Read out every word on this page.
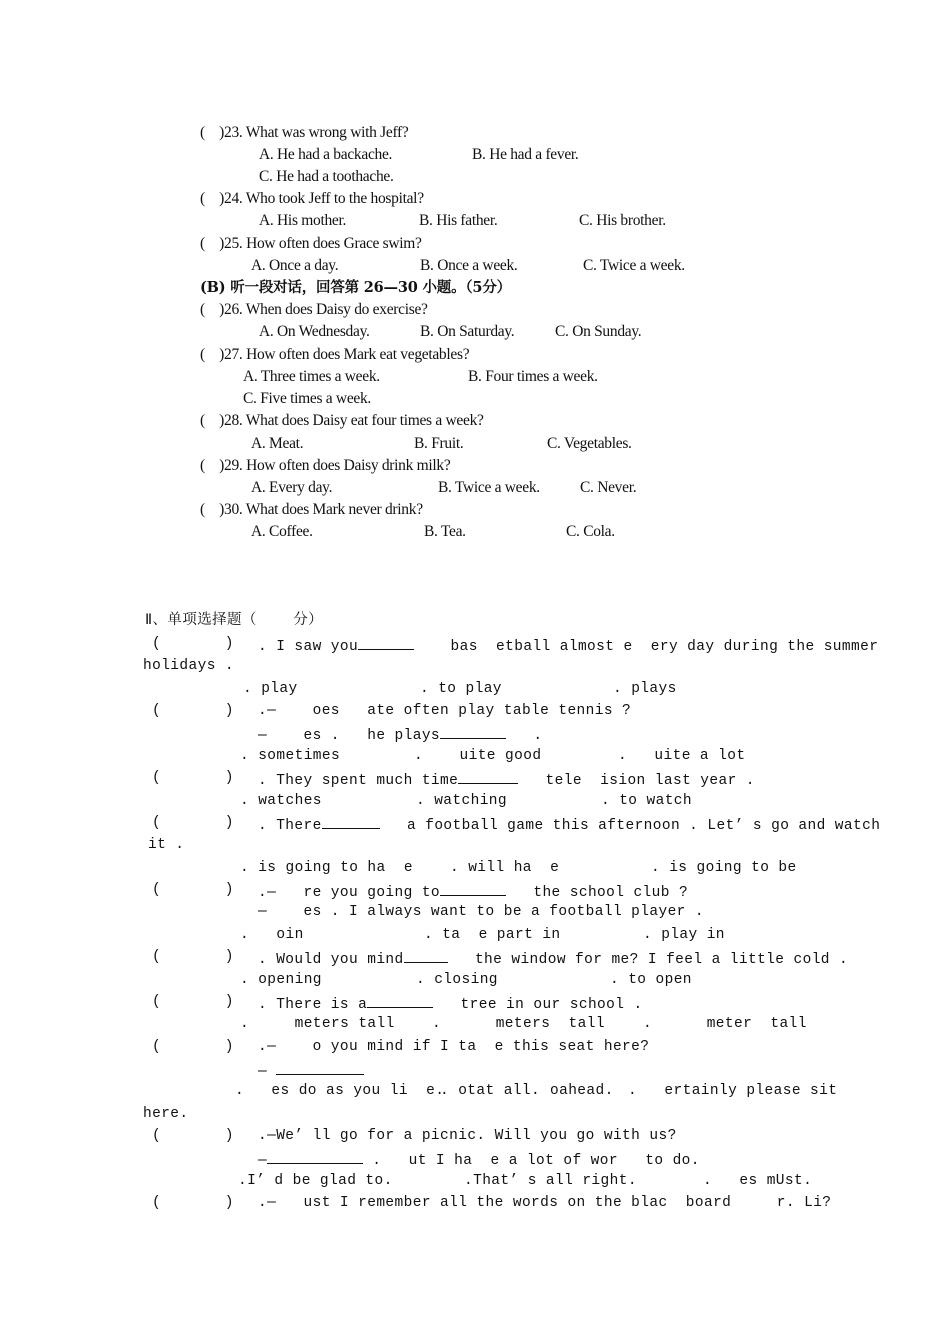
(    )23. What was wrong with Jeff?
A. He had a backache.	B. He had a fever.
C. He had a toothache.
(    )24. Who took Jeff to the hospital?
A. His mother.	B. His father.	C. His brother.
(    )25. How often does Grace swim?
A. Once a day.	B. Once a week.	C. Twice a week.
(B) 听一段对话，回答第 26—30 小题。（5分）
(    )26. When does Daisy do exercise?
A. On Wednesday.	B. On Saturday.	C. On Sunday.
(    )27. How often does Mark eat vegetables?
A. Three times a week.	B. Four times a week.
C. Five times a week.
(    )28. What does Daisy eat four times a week?
A. Meat.	B. Fruit.	C. Vegetables.
(    )29. How often does Daisy drink milk?
A. Every day.	B. Twice a week.	C. Never.
(    )30. What does Mark never drink?
A. Coffee.	B. Tea.	C. Cola.
Ⅱ、单项选择题（    分）
(       ) . I saw you	bas  etball almost e  ery day during the summer
holidays .
. play	. to play	. plays
(       ) .—    oes   ate often play table tennis ?
—    es .   he plays	.
. sometimes	.    uite good	.   uite a lot
(       ) . They spent much time	tele  ision last year .
. watches	. watching	. to watch
(       ) . There	a football game this afternoon . Let’ s go and watch
it .
. is going to ha  e	. will ha  e	. is going to be
(       ) .—   re you going to	the school club ?
—    es . I always want to be a football player .
.   oin	. ta  e part in	. play in
(       ) . Would you mind	the window for me? I feel a little cold .
. opening	. closing	. to open
(       ) . There is a	tree in our school .
.     meters tall	.      meters  tall	.      meter  tall
(       ) .—    o you mind if I ta  e this seat here?
—
.   es do as you li  e.
. otat all. oahead. .   ertainly please sit
here.
(       ) .—We’ ll go for a picnic. Will you go with us?
—	.   ut I ha  e a lot of wor   to do.
.I’ d be glad to.	.That’ s all right.	.   es mUst.
(       ) .—   ust I remember all the words on the blac  board	r. Li?
